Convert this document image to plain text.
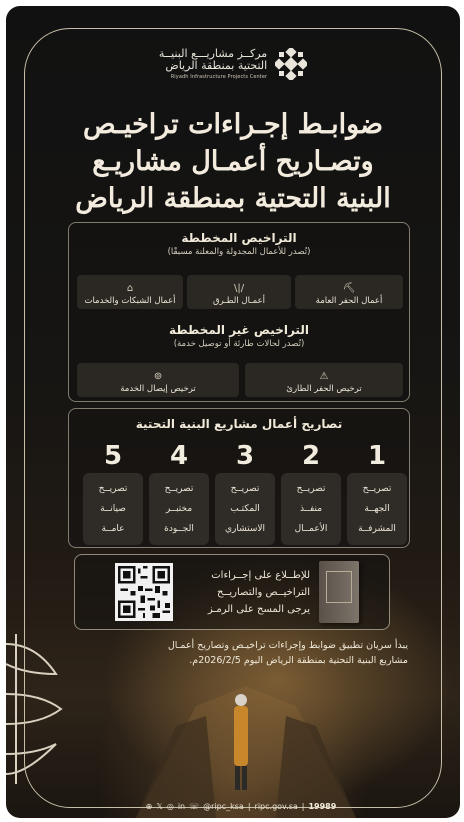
مركــز مشاريـــع البنيــة
التحتية بمنطقة الرياض
Riyadh Infrastructure Projects Center
ضوابـط إجـراءات تراخيـص
وتصـاريح أعمـال مشاريـع
البنية التحتية بمنطقة الرياض
التراخيص المخططة
(تُصدر للأعمال المجدولة والمعلنة مسبقًا)
⛏
أعمال الحفر العامة
/|\
أعمـال الطـرق
⌂
أعمال الشبكات والخدمات
التراخيص غير المخططة
(تُصدر لحالات طارئة أو توصيل خدمة)
⚠
ترخيص الحفر الطارئ
⊚
ترخيص إيصال الخدمة
تصاريح أعمال مشاريع البنية التحتية
1
2
3
4
5
تصريــح
الجهــة
المشرفــة
تصريــح
منفــذ
الأعمــال
تصريــح
المكتـب
الاستشاري
تصريــح
مختبــر
الجــودة
تصريــح
صيانــة
عامــة
للإطــلاع على إجــراءات
التراخيــص والتصاريــح
يرجى المسح على الرمـز
يبدأ سريان تطبيق ضوابط وإجراءات تراخيـص وتصاريح أعمـال
مشاريع البنية التحتية بمنطقة الرياض اليوم 2026/2/5م.
⊕ 𝕏 ◎ in ☏ @ripc_ksa | ripc.gov.sa | 19989
